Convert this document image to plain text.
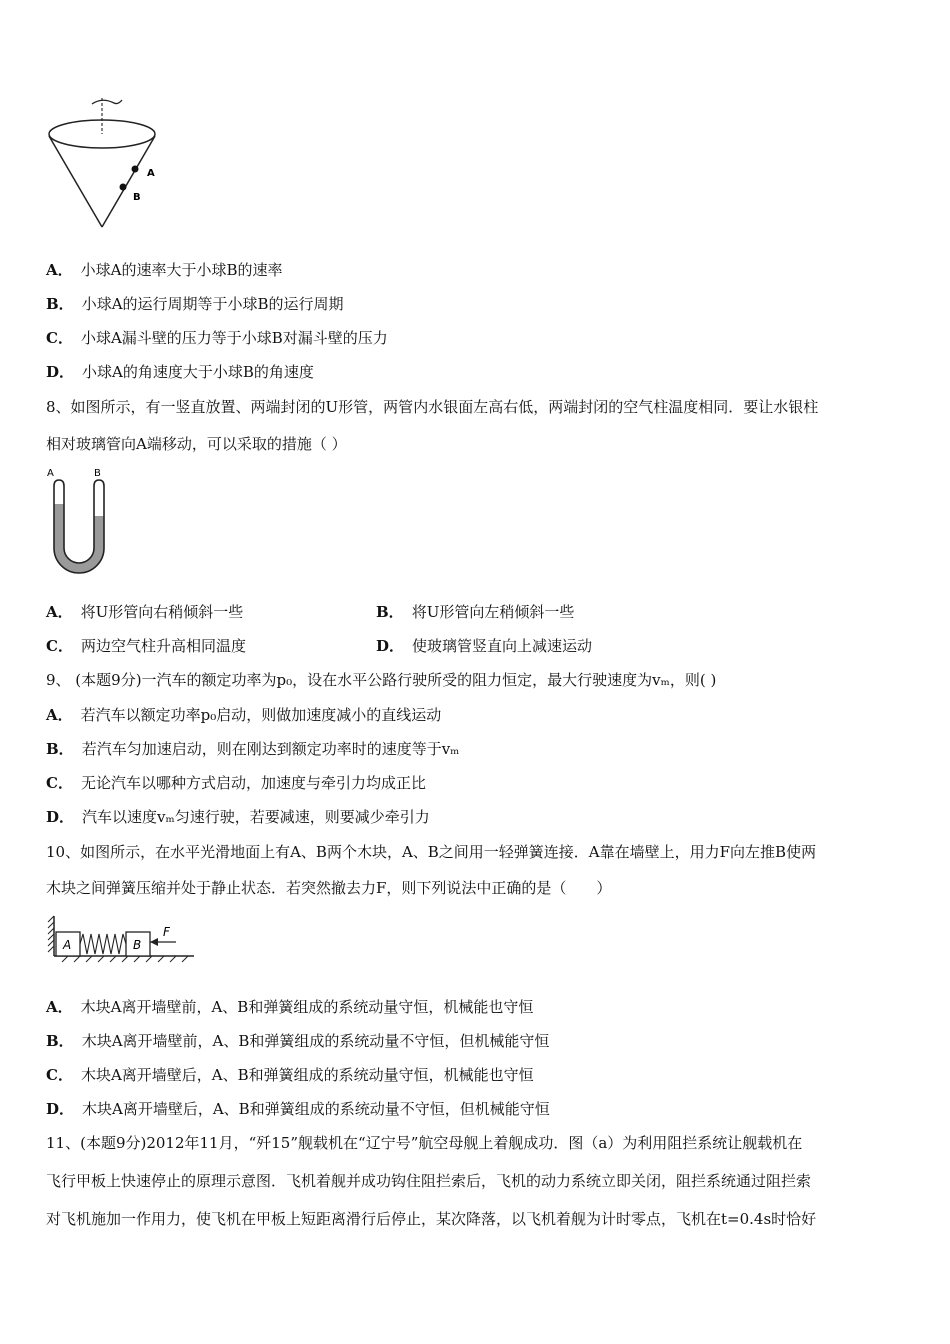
A
B
A． 小球A的速率大于小球B的速率
B． 小球A的运行周期等于小球B的运行周期
C． 小球A漏斗壁的压力等于小球B对漏斗壁的压力
D． 小球A的角速度大于小球B的角速度
8、如图所示，有一竖直放置、两端封闭的U形管，两管内水银面左高右低，两端封闭的空气柱温度相同．要让水银柱
相对玻璃管向A端移动，可以采取的措施（ ）
A	B
A． 将U形管向右稍倾斜一些	B． 将U形管向左稍倾斜一些
C． 两边空气柱升高相同温度	D． 使玻璃管竖直向上减速运动
9、 (本题9分)一汽车的额定功率为p₀，设在水平公路行驶所受的阻力恒定，最大行驶速度为vₘ，则( )
A． 若汽车以额定功率p₀启动，则做加速度减小的直线运动
B． 若汽车匀加速启动，则在刚达到额定功率时的速度等于vₘ
C． 无论汽车以哪种方式启动，加速度与牵引力均成正比
D． 汽车以速度vₘ匀速行驶，若要减速，则要减少牵引力
10、如图所示，在水平光滑地面上有A、B两个木块，A、B之间用一轻弹簧连接．A靠在墙壁上，用力F向左推B使两
木块之间弹簧压缩并处于静止状态．若突然撤去力F，则下列说法中正确的是（　　）
A	B
F
A． 木块A离开墙壁前，A、B和弹簧组成的系统动量守恒，机械能也守恒
B． 木块A离开墙壁前，A、B和弹簧组成的系统动量不守恒，但机械能守恒
C． 木块A离开墙壁后，A、B和弹簧组成的系统动量守恒，机械能也守恒
D． 木块A离开墙壁后，A、B和弹簧组成的系统动量不守恒，但机械能守恒
11、(本题9分)2012年11月，“歼15”舰载机在“辽宁号”航空母舰上着舰成功．图（a）为利用阻拦系统让舰载机在
飞行甲板上快速停止的原理示意图．飞机着舰并成功钩住阻拦索后，飞机的动力系统立即关闭，阻拦系统通过阻拦索
对飞机施加一作用力，使飞机在甲板上短距离滑行后停止，某次降落，以飞机着舰为计时零点，飞机在t=0.4s时恰好
